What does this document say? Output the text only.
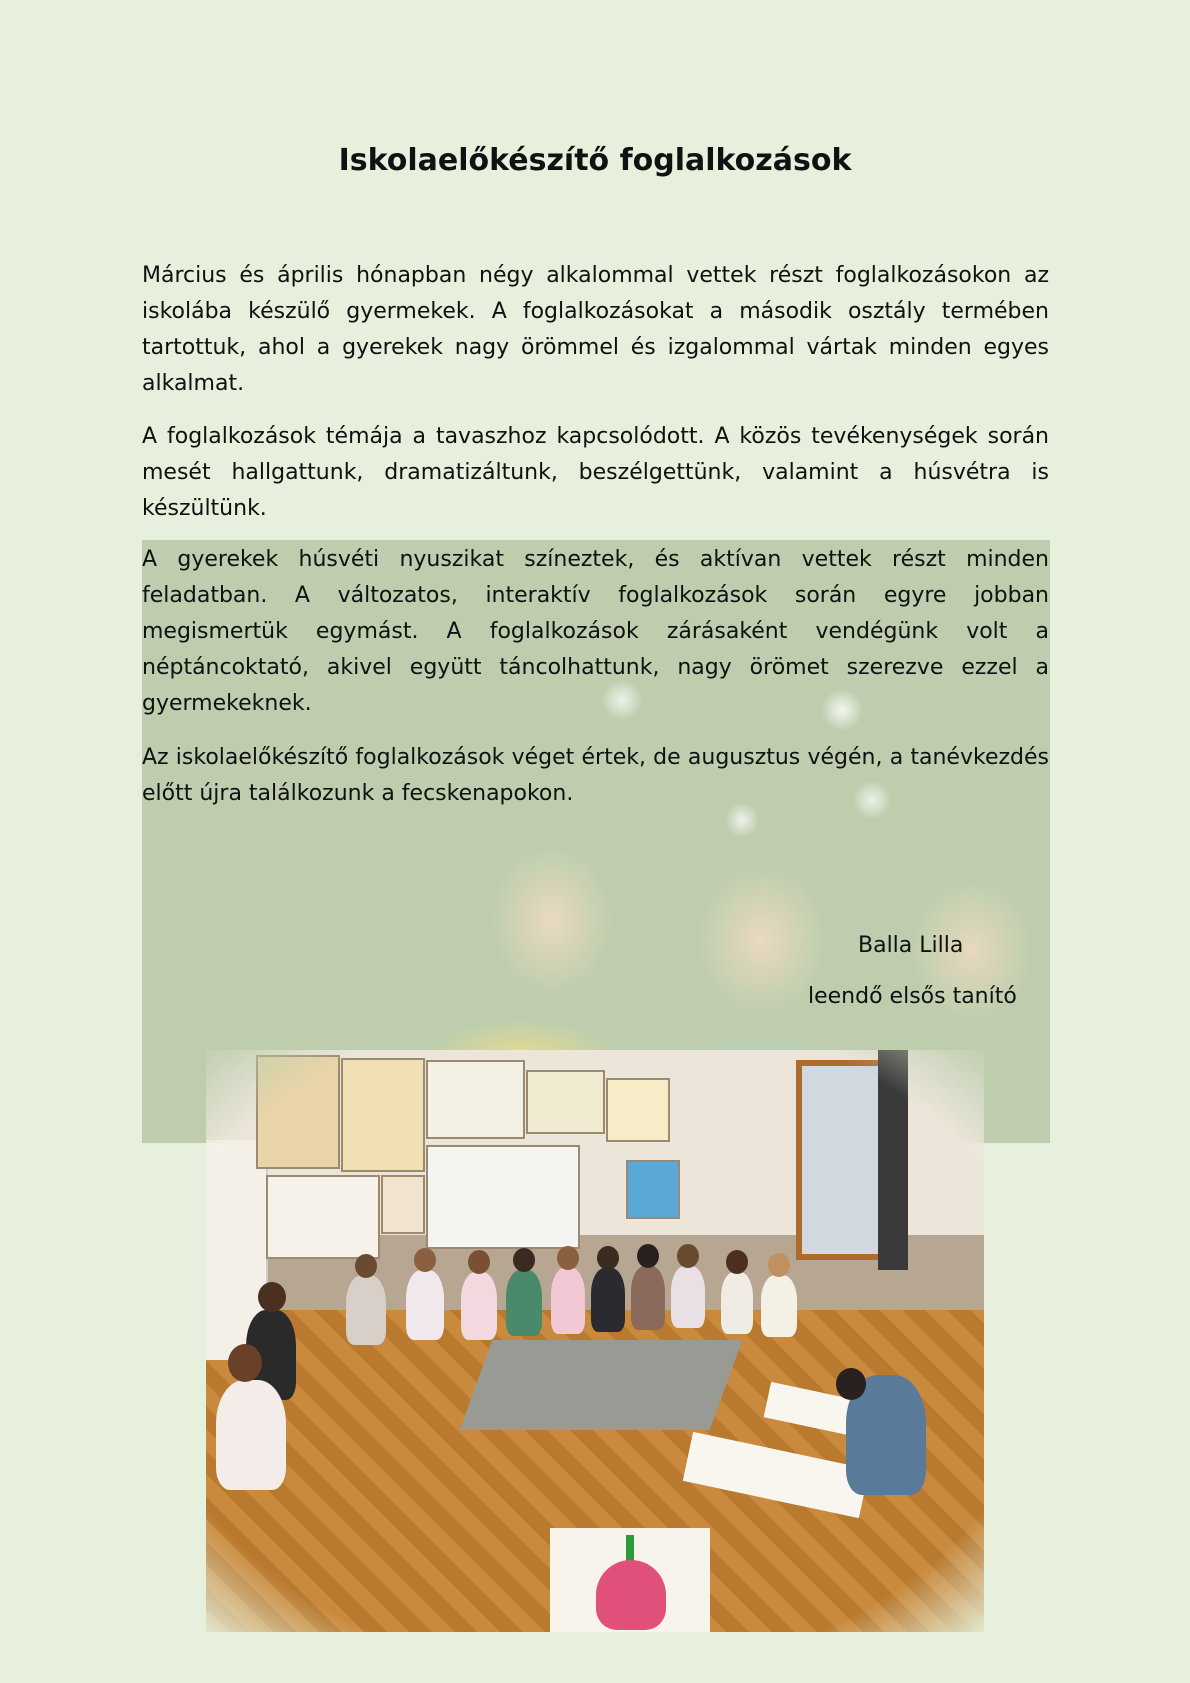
Iskolaelőkészítő foglalkozások
Március és április hónapban négy alkalommal vettek részt foglalkozásokon az iskolába készülő gyermekek. A foglalkozásokat a második osztály termében tartottuk, ahol a gyerekek nagy örömmel és izgalommal vártak minden egyes alkalmat.
A foglalkozások témája a tavaszhoz kapcsolódott. A közös tevékenységek során mesét hallgattunk, dramatizáltunk, beszélgettünk, valamint a húsvétra is készültünk.
A gyerekek húsvéti nyuszikat színeztek, és aktívan vettek részt minden feladatban. A változatos, interaktív foglalkozások során egyre jobban megismertük egymást. A foglalkozások zárásaként vendégünk volt a néptáncoktató, akivel együtt táncolhattunk, nagy örömet szerezve ezzel a gyermekeknek.
Az iskolaelőkészítő foglalkozások véget értek, de augusztus végén, a tanévkezdés előtt újra találkozunk a fecskenapokon.
Balla Lilla
leendő elsős tanító
